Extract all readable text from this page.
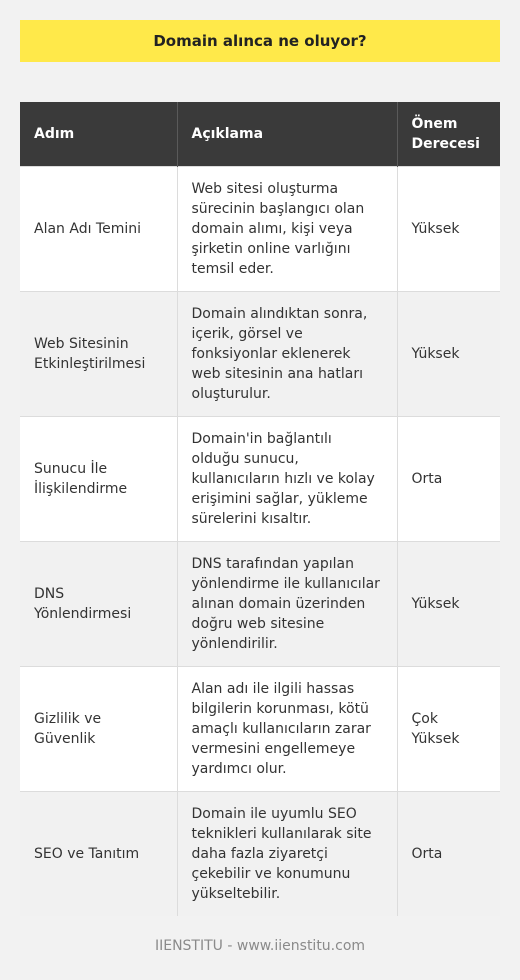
Domain alınca ne oluyor?
Adım	Açıklama	Önem Derecesi
Alan Adı Temini	Web sitesi oluşturma sürecinin başlangıcı olan domain alımı, kişi veya şirketin online varlığını temsil eder.	Yüksek
Web Sitesinin Etkinleştirilmesi	Domain alındıktan sonra, içerik, görsel ve fonksiyonlar eklenerek web sitesinin ana hatları oluşturulur.	Yüksek
Sunucu İle İlişkilendirme	Domain'in bağlantılı olduğu sunucu, kullanıcıların hızlı ve kolay erişimini sağlar, yükleme sürelerini kısaltır.	Orta
DNS Yönlendirmesi	DNS tarafından yapılan yönlendirme ile kullanıcılar alınan domain üzerinden doğru web sitesine yönlendirilir.	Yüksek
Gizlilik ve Güvenlik	Alan adı ile ilgili hassas bilgilerin korunması, kötü amaçlı kullanıcıların zarar vermesini engellemeye yardımcı olur.	Çok Yüksek
SEO ve Tanıtım	Domain ile uyumlu SEO teknikleri kullanılarak site daha fazla ziyaretçi çekebilir ve konumunu yükseltebilir.	Orta
IIENSTITU - www.iienstitu.com
